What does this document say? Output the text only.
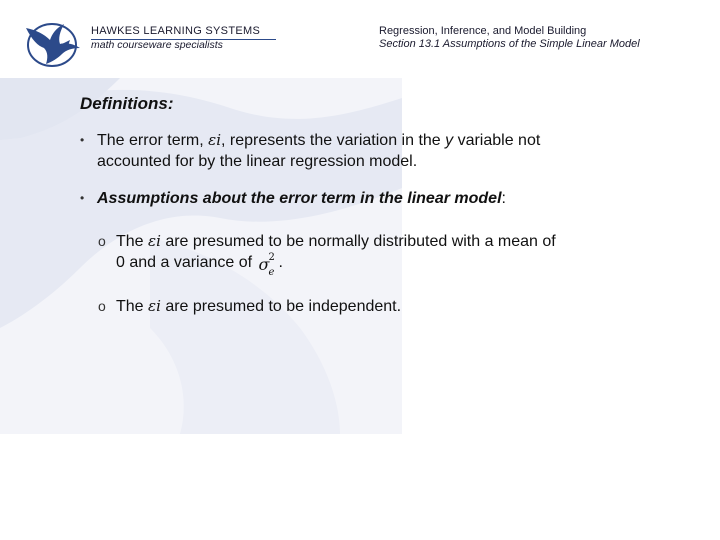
HAWKES LEARNING SYSTEMS
math courseware specialists
Regression, Inference, and Model Building
Section 13.1 Assumptions of the Simple Linear Model
Definitions:
• The error term, εi, represents the variation in the y variable not accounted for by the linear regression model.
• Assumptions about the error term in the linear model:
o The εi are presumed to be normally distributed with a mean of 0 and a variance of σ 2
e
.
o The εi are presumed to be independent.
